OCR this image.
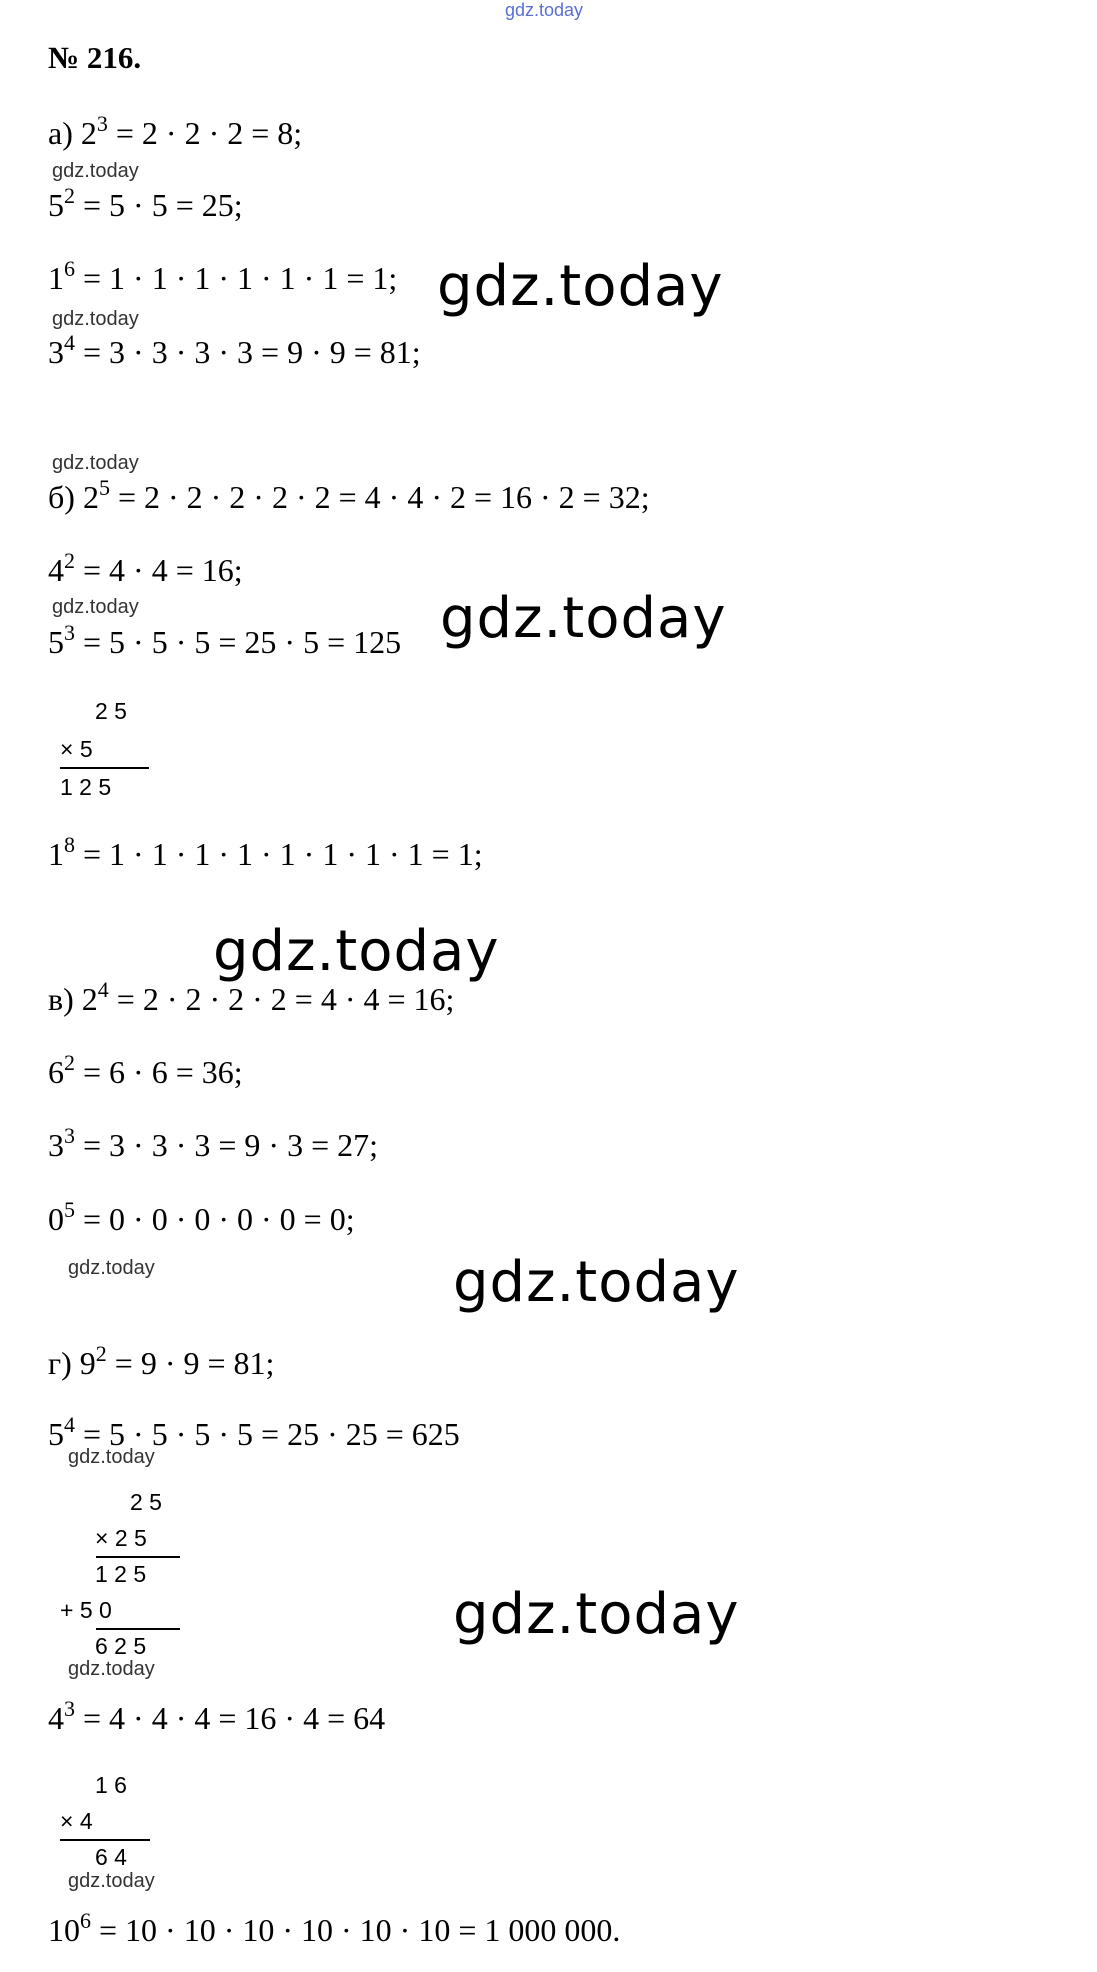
gdz.today
№ 216.
а) $2^3 = 2 \cdot 2 \cdot 2 = 8$;
gdz.today
$5^2 = 5 \cdot 5 = 25$;
$1^6 = 1 \cdot 1 \cdot 1 \cdot 1 \cdot 1 \cdot 1 = 1$; gdz.today
gdz.today
$3^4 = 3 \cdot 3 \cdot 3 \cdot 3 = 9 \cdot 9 = 81$;
gdz.today
б) $2^5 = 2 \cdot 2 \cdot 2 \cdot 2 \cdot 2 = 4 \cdot 4 \cdot 2 = 16 \cdot 2 = 32$;
$4^2 = 4 \cdot 4 = 16$;
gdz.today
$5^3 = 5 \cdot 5 \cdot 5 = 25 \cdot 5 = 125$ gdz.today
2 5
× 5
1 2 5
$1^8 = 1 \cdot 1 \cdot 1 \cdot 1 \cdot 1 \cdot 1 \cdot 1 \cdot 1 = 1$;
gdz.today
в) $2^4 = 2 \cdot 2 \cdot 2 \cdot 2 = 4 \cdot 4 = 16$;
$6^2 = 6 \cdot 6 = 36$;
$3^3 = 3 \cdot 3 \cdot 3 = 9 \cdot 3 = 27$;
$0^5 = 0 \cdot 0 \cdot 0 \cdot 0 \cdot 0 = 0$;
gdz.today	gdz.today
г) $9^2 = 9 \cdot 9 = 81$;
$5^4 = 5 \cdot 5 \cdot 5 \cdot 5 = 25 \cdot 25 = 625$
gdz.today
2 5
× 2 5
1 2 5
+ 5 0
6 2 5	gdz.today
gdz.today
$4^3 = 4 \cdot 4 \cdot 4 = 16 \cdot 4 = 64$
1 6
× 4
6 4
gdz.today
$10^6 = 10 \cdot 10 \cdot 10 \cdot 10 \cdot 10 \cdot 10 = 1$ 000 000.
